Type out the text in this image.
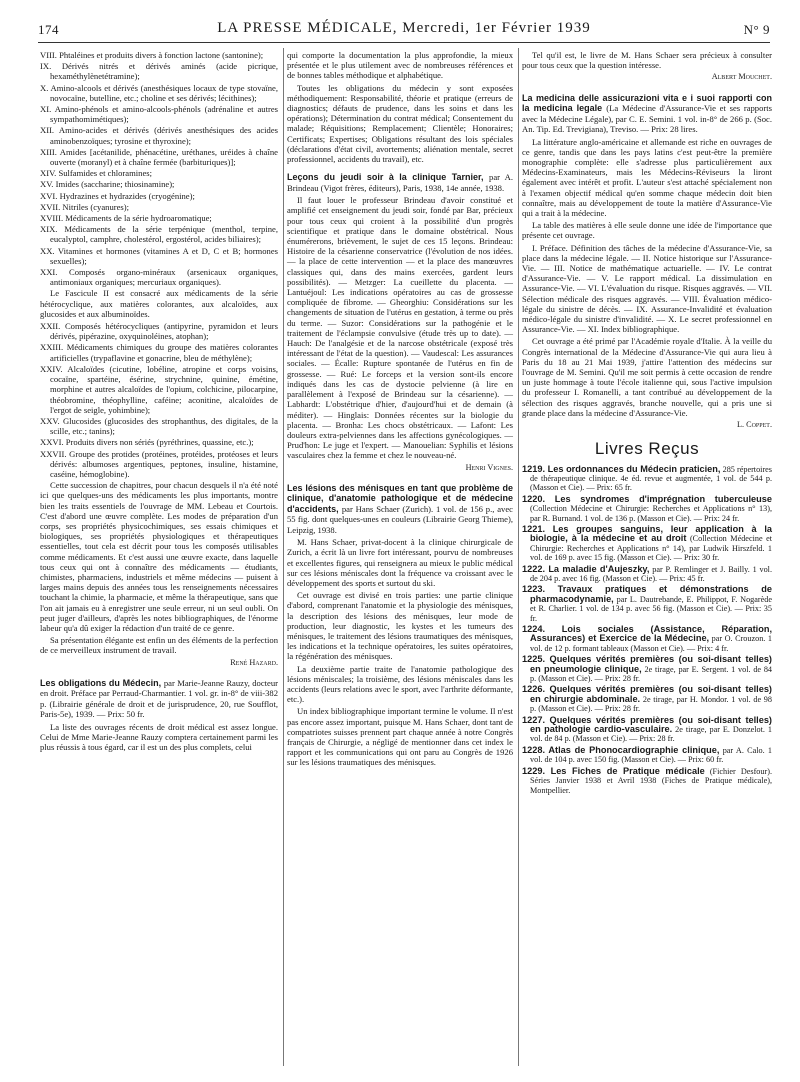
174	LA PRESSE MÉDICALE, Mercredi, 1er Février 1939	N° 9

VIII. Phtaléines et produits divers à fonction lactone (santonine);

IX. Dérivés nitrés et dérivés aminés (acide picrique, hexaméthylènetétramine);

X. Amino-alcools et dérivés (anesthésiques locaux de type stovaïne, novocaïne, butelline, etc.; choline et ses dérivés; lécithines);

XI. Amino-phénols et amino-alcools-phénols (adrénaline et autres sympathomimétiques);

XII. Amino-acides et dérivés (dérivés anesthésiques des acides aminobenzoïques; tyrosine et thyroxine);

XIII. Amides [acétanilide, phénacétine, uréthanes, uréides à chaîne ouverte (moranyl) et à chaîne fermée (barbituriques)];

XIV. Sulfamides et chloramines;

XV. Imides (saccharine; thiosinamine);

XVI. Hydrazines et hydrazides (cryogénine);

XVII. Nitriles (cyanures);

XVIII. Médicaments de la série hydroaromatique;

XIX. Médicaments de la série terpénique (menthol, terpine, eucalyptol, camphre, cholestérol, ergostérol, acides biliaires);

XX. Vitamines et hormones (vitamines A et D, C et B; hormones sexuelles);

XXI. Composés organo-minéraux (arsenicaux organiques, antimoniaux organiques; mercuriaux organiques).

Le Fascicule II est consacré aux médicaments de la série hétérocyclique, aux matières colorantes, aux alcaloïdes, aux glucosides et aux albuminoïdes.

XXII. Composés hétérocycliques (antipyrine, pyramidon et leurs dérivés, pipérazine, oxyquinoléines, atophan);

XXIII. Médicaments chimiques du groupe des matières colorantes artificielles (trypaflavine et gonacrine, bleu de méthylène);

XXIV. Alcaloïdes (cicutine, lobéline, atropine et corps voisins, cocaïne, spartéine, ésérine, strychnine, quinine, émétine, morphine et autres alcaloïdes de l'opium, colchicine, pilocarpine, théobromine, théophylline, caféine; aconitine, alcaloïdes de l'ergot de seigle, yohimbine);

XXV. Glucosides (glucosides des strophanthus, des digitales, de la scille, etc.; tanins);

XXVI. Produits divers non sériés (pyréthrines, quassine, etc.);

XXVII. Groupe des protides (protéines, protéides, protéoses et leurs dérivés: albumoses argentiques, peptones, insuline, histamine, caséine, hémoglobine).

Cette succession de chapitres, pour chacun desquels il n'a été noté ici que quelques-uns des médicaments les plus importants, montre bien les traits essentiels de l'ouvrage de MM. Lebeau et Courtois. C'est d'abord une œuvre complète. Les modes de préparation d'un corps, ses propriétés physicochimiques, ses essais chimiques et biologiques, ses propriétés physiologiques et thérapeutiques essentielles, tout cela est décrit pour tous les composés utilisables comme médicaments. Et c'est aussi une œuvre exacte, dans laquelle tous ceux qui ont à connaître des médicaments — étudiants, chimistes, pharmaciens, industriels et même médecins — puisent à larges mains depuis des années tous les renseignements nécessaires touchant la chimie, la pharmacie, et même la thérapeutique, sans que l'on ait jamais eu à enregistrer une seule erreur, ni un seul oubli. On peut juger d'ailleurs, d'après les notes bibliographiques, de l'énorme labeur qu'a dû exiger la rédaction d'un traité de ce genre.

Sa présentation élégante est enfin un des éléments de la perfection de ce merveilleux instrument de travail.

René Hazard.
Les obligations du Médecin, par Marie-Jeanne Rauzy, docteur en droit. Préface par Perraud-Charmantier. 1 vol. gr. in-8° de viii-382 p. (Librairie générale de droit et de jurisprudence, 20, rue Soufflot, Paris-5e), 1939. — Prix: 50 fr.

La liste des ouvrages récents de droit médical est assez longue. Celui de Mme Marie-Jeanne Rauzy comptera certainement parmi les plus réussis à tous égard, car il est un des plus complets, celui

qui comporte la documentation la plus approfondie, la mieux présentée et le plus utilement avec de nombreuses références et de bonnes tables méthodique et alphabétique.

Toutes les obligations du médecin y sont exposées méthodiquement: Responsabilité, théorie et pratique (erreurs de diagnostics; défauts de prudence, dans les soins et dans les opérations); Détermination du contrat médical; Consentement du malade; Réquisitions; Remplacement; Clientèle; Honoraires; Certificats; Expertises; Obligations résultant des lois spéciales (déclarations d'état civil, avortements; aliénation mentale, secret professionnel, accidents du travail), etc.

Leçons du jeudi soir à la clinique Tarnier, par A. Brindeau (Vigot frères, éditeurs), Paris, 1938, 14e année, 1938.

Il faut louer le professeur Brindeau d'avoir constitué et amplifié cet enseignement du jeudi soir, fondé par Bar, précieux pour tous ceux qui croient à la possibilité d'un progrès scientifique et pratique dans le domaine obstétrical. Nous énumérerons, brièvement, le sujet de ces 15 leçons. Brindeau: Histoire de la césarienne conservatrice (l'évolution de nos idées. — la place de cette intervention — et la place des manœuvres classiques qui, dans des mains exercées, gardent leurs possibilités). — Metzger: La cueillette du placenta. — Lantuéjoul: Les indications opératoires au cas de grossesse compliquée de fibrome. — Gheorghiu: Considérations sur les changements de situation de l'utérus en gestation, à terme ou près du terme. — Suzor: Considérations sur la pathogénie et le traitement de l'éclampsie convulsive (étude très up to date). — Hauch: De l'analgésie et de la narcose obstétricale (exposé très intéressant de l'état de la question). — Vaudescal: Les assurances sociales. — Écalle: Rupture spontanée de l'utérus en fin de grossesse. — Rué: Le forceps et la version sont-ils encore indiqués dans les cas de dystocie pelvienne (à lire en parallèlement à l'exposé de Brindeau sur la césarienne). — Labhardt: L'obstétrique d'hier, d'aujourd'hui et de demain (à méditer). — Hinglais: Données récentes sur la biologie du placenta. — Bronha: Les chocs obstétricaux. — Lafont: Les douleurs extra-pelviennes dans les affections gynécologiques. — Prud'hon: Le juge et l'expert. — Manouelian: Syphilis et lésions vasculaires chez la femme et chez le nouveau-né.

Henri Vignes.
Les lésions des ménisques en tant que problème de clinique, d'anatomie pathologique et de médecine d'accidents, par Hans Schaer (Zurich). 1 vol. de 156 p., avec 55 fig. dont quelques-unes en couleurs (Librairie Georg Thieme), Leipzig, 1938.

M. Hans Schaer, privat-docent à la clinique chirurgicale de Zurich, a écrit là un livre fort intéressant, pourvu de nombreuses et excellentes figures, qui renseignera au mieux le public médical sur ces lésions méniscales dont la fréquence va croissant avec le développement des sports et surtout du ski.

Cet ouvrage est divisé en trois parties: une partie clinique d'abord, comprenant l'anatomie et la physiologie des ménisques, la description des lésions des ménisques, leur mode de production, leur diagnostic, les kystes et les tumeurs des ménisques, le traitement des lésions traumatiques des ménisques, les indications et la technique opératoires, les suites opératoires, la régénération des ménisques.

La deuxième partie traite de l'anatomie pathologique des lésions méniscales; la troisième, des lésions méniscales dans les accidents (leurs relations avec le sport, avec l'arthrite déformante, etc.).

Un index bibliographique important termine le volume. Il n'est pas encore assez important, puisque M. Hans Schaer, dont tant de compatriotes suisses prennent part chaque année à notre Congrès français de Chirurgie, a négligé de mentionner dans cet index le rapport et les communications qui ont paru au Congrès de 1926 sur les lésions traumatiques des ménisques.

Tel qu'il est, le livre de M. Hans Schaer sera précieux à consulter pour tous ceux que la question intéresse.

Albert Mouchet.
La medicina delle assicurazioni vita e i suoi rapporti con la medicina legale (La Médecine d'Assurance-Vie et ses rapports avec la Médecine Légale), par C. E. Semini. 1 vol. in-8° de 266 p. (Soc. An. Tip. Ed. Trevigiana), Treviso. — Prix: 28 lires.

La littérature anglo-américaine et allemande est riche en ouvrages de ce genre, tandis que dans les pays latins c'est peut-être la première monographie complète: elle s'adresse plus particulièrement aux Médecins-Examinateurs, mais les Médecins-Réviseurs la liront également avec intérêt et profit. L'auteur s'est attaché spécialement non à l'examen objectif médical qu'en somme chaque médecin doit bien connaître, mais au développement de toute la matière d'Assurance-Vie qui a trait à la médecine.

La table des matières à elle seule donne une idée de l'importance que présente cet ouvrage.

I. Préface. Définition des tâches de la médecine d'Assurance-Vie, sa place dans la médecine légale. — II. Notice historique sur l'Assurance-Vie. — III. Notice de mathématique actuarielle. — IV. Le contrat d'Assurance-Vie. — V. Le rapport médical. La dissimulation en Assurance-Vie. — VI. L'évaluation du risque. Risques aggravés. — VII. Sélection médicale des risques aggravés. — VIII. Évaluation médico-légale du sinistre de décès. — IX. Assurance-Invalidité et évaluation médico-légale du sinistre d'invalidité. — X. Le secret professionnel en Assurance-Vie. — XI. Index bibliographique.

Cet ouvrage a été primé par l'Académie royale d'Italie. À la veille du Congrès international de la Médecine d'Assurance-Vie qui aura lieu à Paris du 18 au 21 Mai 1939, j'attire l'attention des médecins sur l'ouvrage de M. Semini. Qu'il me soit permis à cette occasion de rendre un juste hommage à toute l'école italienne qui, sous l'active impulsion du professeur I. Romanelli, a tant contribué au développement de la sélection des risques aggravés, branche nouvelle, qui a pris une si grande place dans la médecine d'Assurance-Vie.

L. Coppet.
Livres Reçus

1219. Les ordonnances du Médecin praticien, 285 répertoires de thérapeutique clinique. 4e éd. revue et augmentée, 1 vol. de 544 p. (Masson et Cie). — Prix: 65 fr.

1220. Les syndromes d'imprégnation tuberculeuse (Collection Médecine et Chirurgie: Recherches et Applications n° 13), par R. Burnand. 1 vol. de 136 p. (Masson et Cie). — Prix: 24 fr.

1221. Les groupes sanguins, leur application à la biologie, à la médecine et au droit (Collection Médecine et Chirurgie: Recherches et Applications n° 14), par Ludwik Hirszfeld. 1 vol. de 169 p. avec 15 fig. (Masson et Cie). — Prix: 30 fr.

1222. La maladie d'Aujeszky, par P. Remlinger et J. Bailly. 1 vol. de 204 p. avec 16 fig. (Masson et Cie). — Prix: 45 fr.

1223. Travaux pratiques et démonstrations de pharmacodynamie, par L. Dautrebande, E. Philippot, F. Nogarède et R. Charlier. 1 vol. de 134 p. avec 56 fig. (Masson et Cie). — Prix: 35 fr.

1224. Lois sociales (Assistance, Réparation, Assurances) et Exercice de la Médecine, par O. Crouzon. 1 vol. de 12 p. formant tableaux (Masson et Cie). — Prix: 4 fr.

1225. Quelques vérités premières (ou soi-disant telles) en pneumologie clinique, 2e tirage, par E. Sergent. 1 vol. de 84 p. (Masson et Cie). — Prix: 28 fr.

1226. Quelques vérités premières (ou soi-disant telles) en chirurgie abdominale. 2e tirage, par H. Mondor. 1 vol. de 98 p. (Masson et Cie). — Prix: 28 fr.

1227. Quelques vérités premières (ou soi-disant telles) en pathologie cardio-vasculaire. 2e tirage, par E. Donzelot. 1 vol. de 84 p. (Masson et Cie). — Prix: 28 fr.

1228. Atlas de Phonocardiographie clinique, par A. Calo. 1 vol. de 104 p. avec 150 fig. (Masson et Cie). — Prix: 60 fr.

1229. Les Fiches de Pratique médicale (Fichier Desfour). Séries Janvier 1938 et Avril 1938 (Fiches de Pratique médicale), Montpellier.
